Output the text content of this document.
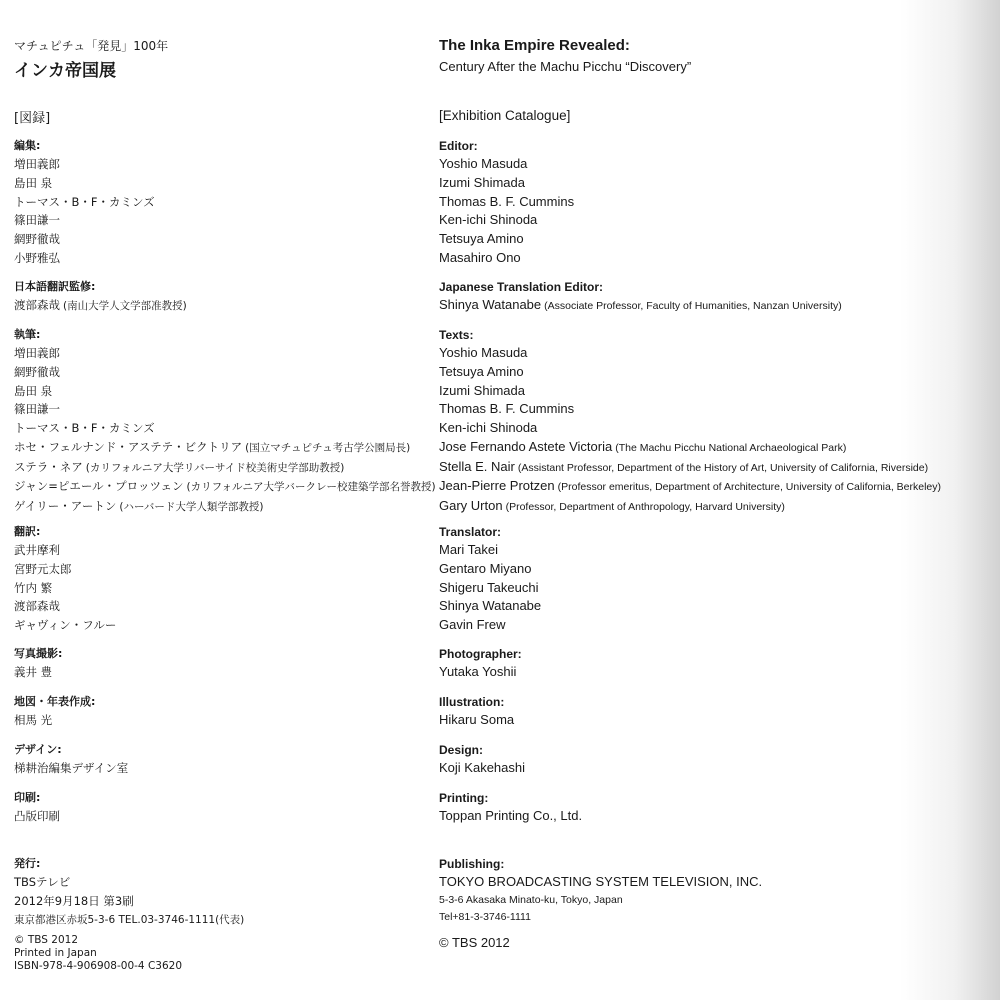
マチュピチュ「発見」100年
インカ帝国展
The Inka Empire Revealed:
Century After the Machu Picchu “Discovery”
[図録]	[Exhibition Catalogue]
編集:
増田義郎
島田 泉
トーマス・B・F・カミンズ
篠田謙一
網野徹哉
小野雅弘
日本語翻訳監修:
渡部森哉 (南山大学人文学部准教授)
執筆:
増田義郎
網野徹哉
島田 泉
篠田謙一
トーマス・B・F・カミンズ
ホセ・フェルナンド・アステテ・ビクトリア (国立マチュピチュ考古学公園局長)
ステラ・ネア (カリフォルニア大学リバーサイド校美術史学部助教授)
ジャン=ピエール・プロッツェン (カリフォルニア大学バークレー校建築学部名誉教授)
ゲイリー・アートン (ハーバード大学人類学部教授)
翻訳:
武井摩利
宮野元太郎
竹内 繁
渡部森哉
ギャヴィン・フルー
写真撮影:
義井 豊
地図・年表作成:
相馬 光
デザイン:
梯耕治編集デザイン室
印刷:
凸版印刷
発行:
TBSテレビ
2012年9月18日 第3刷
東京都港区赤坂5-3-6 TEL.03-3746-1111(代表)
© TBS 2012
Printed in Japan
ISBN-978-4-906908-00-4 C3620
Editor:
Yoshio Masuda
Izumi Shimada
Thomas B. F. Cummins
Ken-ichi Shinoda
Tetsuya Amino
Masahiro Ono
Japanese Translation Editor:
Shinya Watanabe (Associate Professor, Faculty of Humanities, Nanzan University)
Texts:
Yoshio Masuda
Tetsuya Amino
Izumi Shimada
Thomas B. F. Cummins
Ken-ichi Shinoda
Jose Fernando Astete Victoria (The Machu Picchu National Archaeological Park)
Stella E. Nair (Assistant Professor, Department of the History of Art, University of California, Riverside)
Jean-Pierre Protzen (Professor emeritus, Department of Architecture, University of California, Berkeley)
Gary Urton (Professor, Department of Anthropology, Harvard University)
Translator:
Mari Takei
Gentaro Miyano
Shigeru Takeuchi
Shinya Watanabe
Gavin Frew
Photographer:
Yutaka Yoshii
Illustration:
Hikaru Soma
Design:
Koji Kakehashi
Printing:
Toppan Printing Co., Ltd.
Publishing:
TOKYO BROADCASTING SYSTEM TELEVISION, INC.
5-3-6 Akasaka Minato-ku, Tokyo, Japan
Tel+81-3-3746-1111
© TBS 2012
